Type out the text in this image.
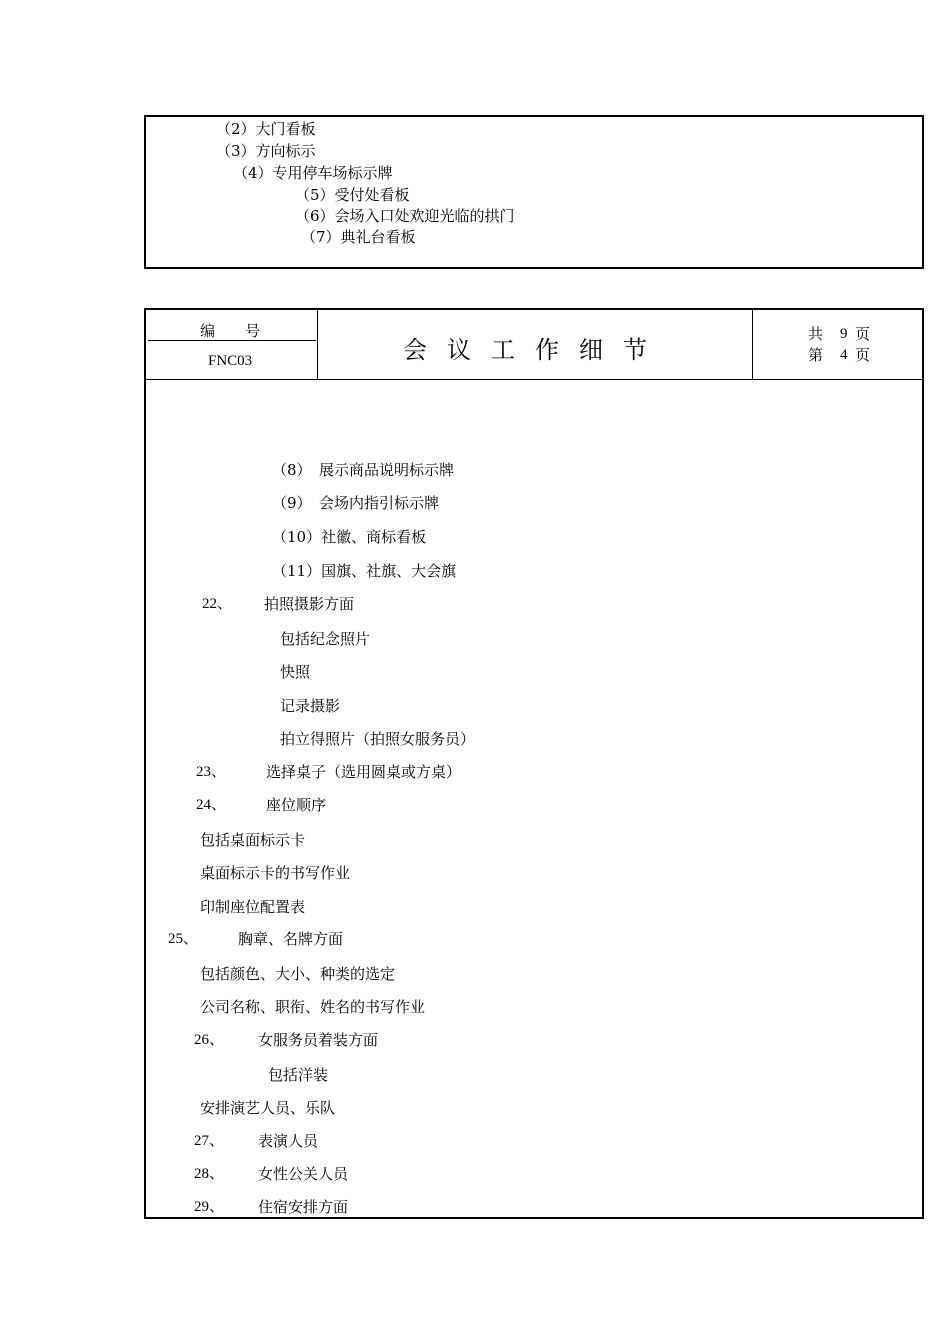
（2）大门看板
（3）方向标示
（4）专用停车场标示牌
（5）受付处看板
（6）会场入口处欢迎光临的拱门
（7）典礼台看板
编　　号
FNC03	会议工作细节
共 9 页
第 4 页
（8）　展示商品说明标示牌
（9）　会场内指引标示牌
（10）社徽、商标看板
（11）国旗、社旗、大会旗
22、 拍照摄影方面
包括纪念照片
快照
记录摄影
拍立得照片（拍照女服务员）
23、	选择桌子（选用圆桌或方桌）
24、	座位顺序
包括桌面标示卡
桌面标示卡的书写作业
印制座位配置表
25、	胸章、名牌方面
包括颜色、大小、种类的选定
公司名称、职衔、姓名的书写作业
26、 女服务员着装方面
包括洋装
安排演艺人员、乐队
27、 表演人员
28、 女性公关人员
29、 住宿安排方面
